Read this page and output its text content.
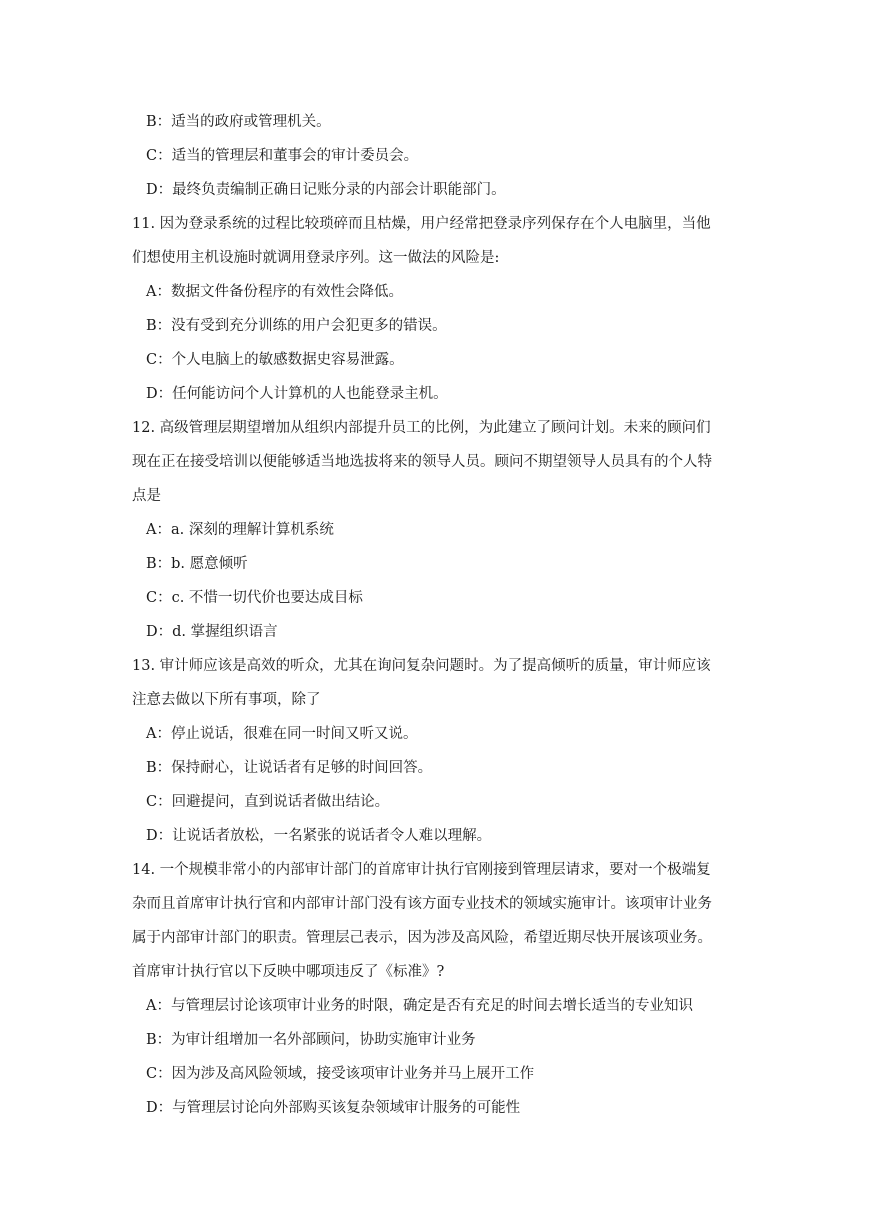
B：适当的政府或管理机关。
C：适当的管理层和董事会的审计委员会。
D：最终负责编制正确日记账分录的内部会计职能部门。
11. 因为登录系统的过程比较琐碎而且枯燥，用户经常把登录序列保存在个人电脑里，当他
们想使用主机设施时就调用登录序列。这一做法的风险是:
A：数据文件备份程序的有效性会降低。
B：没有受到充分训练的用户会犯更多的错误。
C：个人电脑上的敏感数据史容易泄露。
D：任何能访问个人计算机的人也能登录主机。
12. 高级管理层期望增加从组织内部提升员工的比例，为此建立了顾问计划。未来的顾问们
现在正在接受培训以便能够适当地选拔将来的领导人员。顾问不期望领导人员具有的个人特
点是
A：a. 深刻的理解计算机系统
B：b. 愿意倾听
C：c. 不惜一切代价也要达成目标
D：d. 掌握组织语言
13. 审计师应该是高效的听众，尤其在询问复杂问题时。为了提高倾听的质量，审计师应该
注意去做以下所有事项，除了
A：停止说话，很难在同一时间又听又说。
B：保持耐心，让说话者有足够的时间回答。
C：回避提问，直到说话者做出结论。
D：让说话者放松，一名紧张的说话者令人难以理解。
14. 一个规模非常小的内部审计部门的首席审计执行官刚接到管理层请求，要对一个极端复
杂而且首席审计执行官和内部审计部门没有该方面专业技术的领域实施审计。该项审计业务
属于内部审计部门的职责。管理层己表示，因为涉及高风险，希望近期尽快开展该项业务。
首席审计执行官以下反映中哪项违反了《标准》?
A：与管理层讨论该项审计业务的时限，确定是否有充足的时间去增长适当的专业知识
B：为审计组增加一名外部顾问，协助实施审计业务
C：因为涉及高风险领域，接受该项审计业务并马上展开工作
D：与管理层讨论向外部购买该复杂领域审计服务的可能性
